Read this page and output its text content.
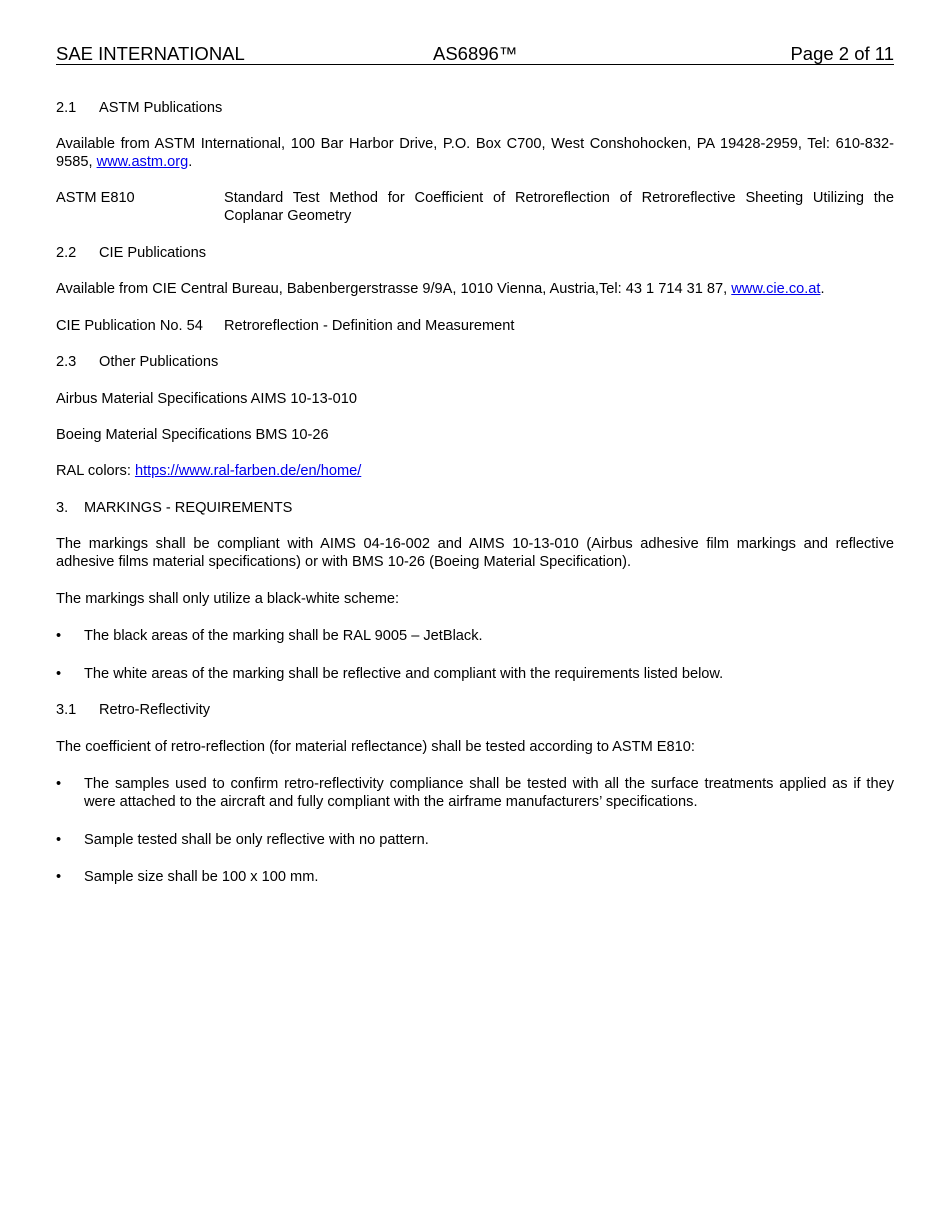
SAE INTERNATIONAL	AS6896™	Page 2 of 11
2.1 ASTM Publications
Available from ASTM International, 100 Bar Harbor Drive, P.O. Box C700, West Conshohocken, PA 19428-2959, Tel: 610-832-9585, www.astm.org.
ASTM E810	Standard Test Method for Coefficient of Retroreflection of Retroreflective Sheeting Utilizing the Coplanar Geometry
2.2 CIE Publications
Available from CIE Central Bureau, Babenbergerstrasse 9/9A, 1010 Vienna, Austria,Tel: 43 1 714 31 87, www.cie.co.at.
CIE Publication No. 54	Retroreflection - Definition and Measurement
2.3 Other Publications
Airbus Material Specifications AIMS 10-13-010
Boeing Material Specifications BMS 10-26
RAL colors: https://www.ral-farben.de/en/home/
3. MARKINGS - REQUIREMENTS
The markings shall be compliant with AIMS 04-16-002 and AIMS 10-13-010 (Airbus adhesive film markings and reflective adhesive films material specifications) or with BMS 10-26 (Boeing Material Specification).
The markings shall only utilize a black-white scheme:
•	The black areas of the marking shall be RAL 9005 – JetBlack.
•	The white areas of the marking shall be reflective and compliant with the requirements listed below.
3.1 Retro-Reflectivity
The coefficient of retro-reflection (for material reflectance) shall be tested according to ASTM E810:
•	The samples used to confirm retro-reflectivity compliance shall be tested with all the surface treatments applied as if they were attached to the aircraft and fully compliant with the airframe manufacturers’ specifications.
•	Sample tested shall be only reflective with no pattern.
•	Sample size shall be 100 x 100 mm.
